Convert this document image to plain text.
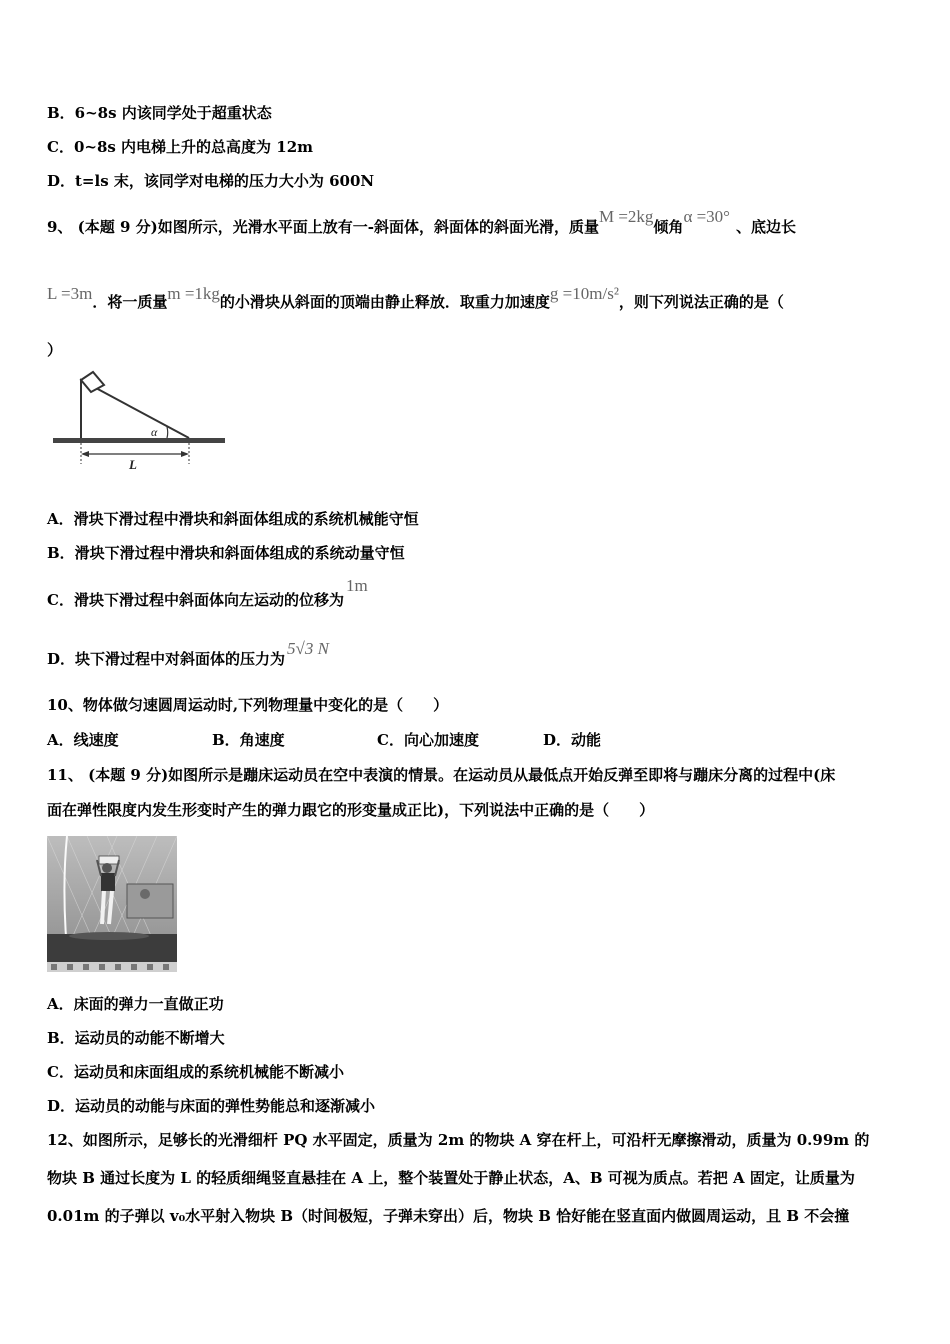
B．6~8s 内该同学处于超重状态
C．0~8s 内电梯上升的总高度为 12m
D．t=ls 末，该同学对电梯的压力大小为 600N
9、 (本题 9 分)如图所示，光滑水平面上放有一-斜面体，斜面体的斜面光滑，质量M =2kg倾角α =30°、底边长
L =3m．将一质量m =1kg的小滑块从斜面的顶端由静止释放．取重力加速度g =10m/s²，则下列说法正确的是（
）
α
L
A．滑块下滑过程中滑块和斜面体组成的系统机械能守恒
B．滑块下滑过程中滑块和斜面体组成的系统动量守恒
C．滑块下滑过程中斜面体向左运动的位移为1m
D．块下滑过程中对斜面体的压力为5√3 N
10、物体做匀速圆周运动时,下列物理量中变化的是（　　）
A．线速度	B．角速度	C．向心加速度	D．动能
11、 (本题 9 分)如图所示是蹦床运动员在空中表演的情景。在运动员从最低点开始反弹至即将与蹦床分离的过程中(床
面在弹性限度内发生形变时产生的弹力跟它的形变量成正比)，下列说法中正确的是（　　）
A．床面的弹力一直做正功
B．运动员的动能不断增大
C．运动员和床面组成的系统机械能不断减小
D．运动员的动能与床面的弹性势能总和逐渐减小
12、如图所示，足够长的光滑细杆 PQ 水平固定，质量为 2m 的物块 A 穿在杆上，可沿杆无摩擦滑动，质量为 0.99m 的
物块 B 通过长度为 L 的轻质细绳竖直悬挂在 A 上，整个装置处于静止状态，A、B 可视为质点。若把 A 固定，让质量为
0.01m 的子弹以 v₀水平射入物块 B（时间极短，子弹未穿出）后，物块 B 恰好能在竖直面内做圆周运动，且 B 不会撞
